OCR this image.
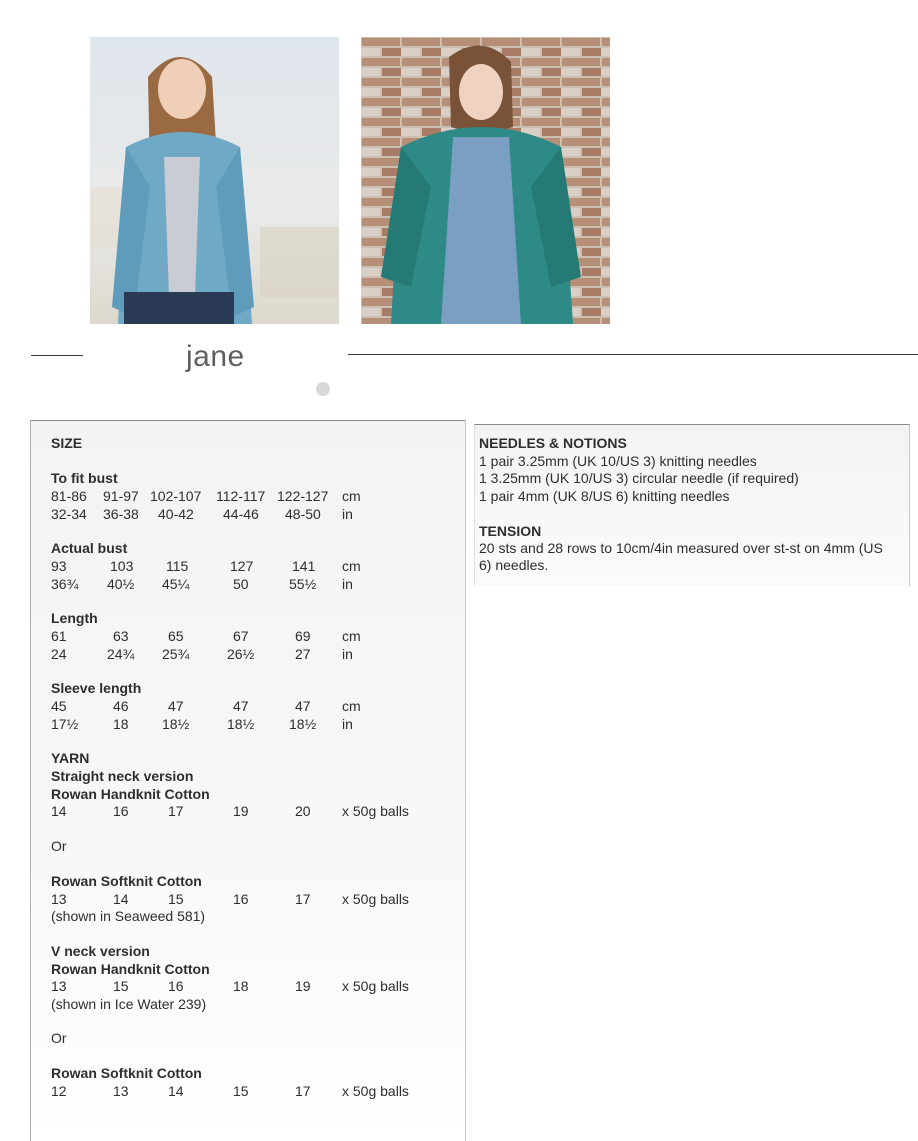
jane
SIZE
To fit bust
81-86 91-97 102-107 112-117 122-127 cm
32-34 36-38 40-42 44-46 48-50 in
Actual bust
93	103 115	127	141 cm
36¾ 40½ 45¼	50	55½ in
Length
61	63	65	67	69 cm
24	24¾ 25¾	26½	27 in
Sleeve length
45	46	47	47	47 cm
17½ 18 18½	18½ 18½ in
YARN
Straight neck version
Rowan Handknit Cotton
14	16	17	19	20 x 50g balls
Or
Rowan Softknit Cotton
13	14	15	16	17 x 50g balls
(shown in Seaweed 581)
V neck version
Rowan Handknit Cotton
13	15	16	18	19 x 50g balls
(shown in Ice Water 239)
Or
Rowan Softknit Cotton
12	13	14	15	17 x 50g balls
NEEDLES & NOTIONS
1 pair 3.25mm (UK 10/US 3) knitting needles
1 3.25mm (UK 10/US 3) circular needle (if required)
1 pair 4mm (UK 8/US 6) knitting needles
TENSION
20 sts and 28 rows to 10cm/4in measured over st-st on 4mm (US 6) needles.
